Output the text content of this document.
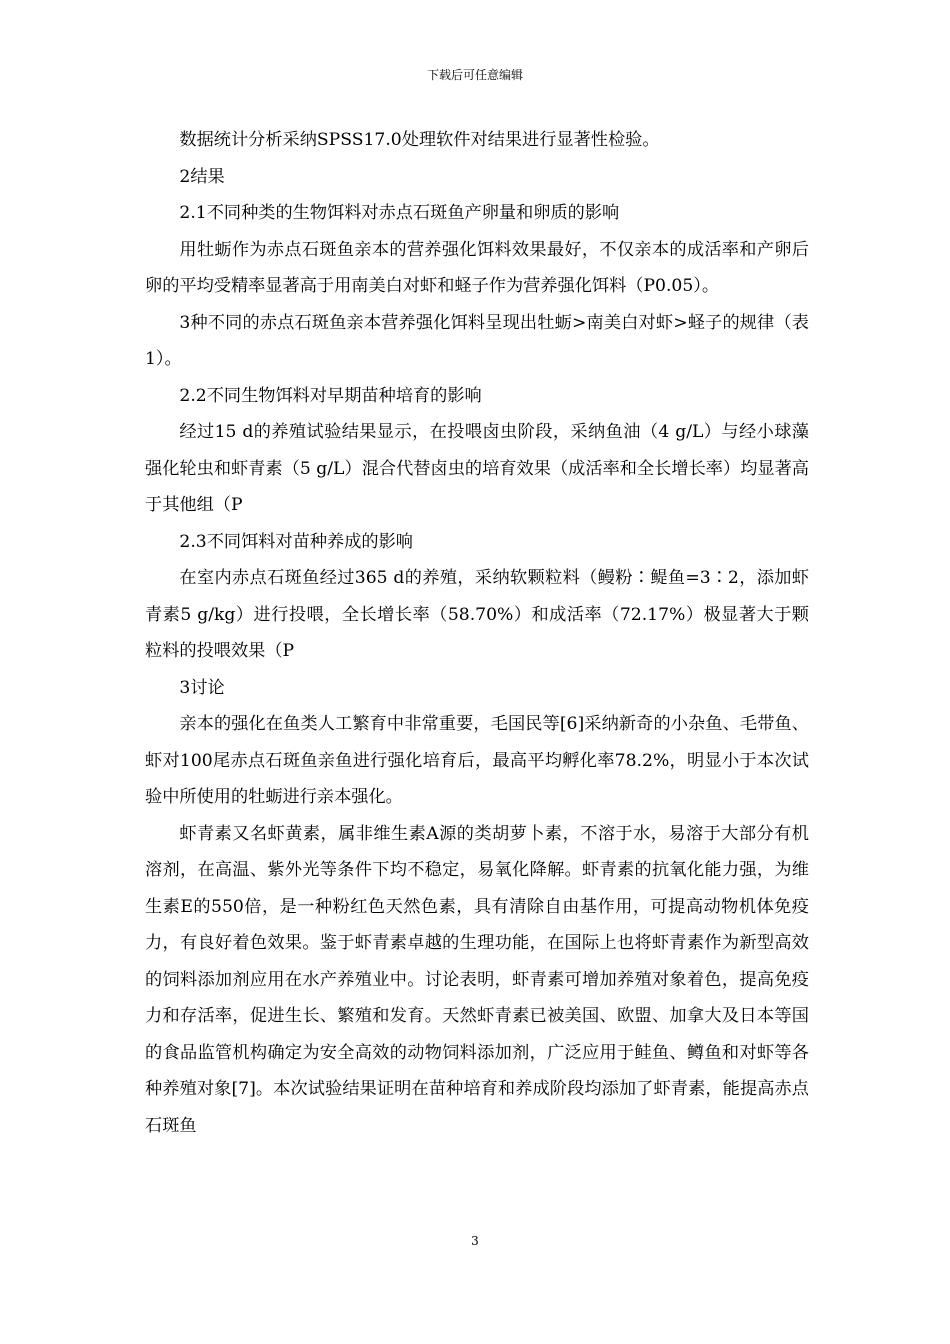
下载后可任意编辑

数据统计分析采纳SPSS17.0处理软件对结果进行显著性检验。

2结果

2.1不同种类的生物饵料对赤点石斑鱼产卵量和卵质的影响

用牡蛎作为赤点石斑鱼亲本的营养强化饵料效果最好，不仅亲本的成活率和产卵后卵的平均受精率显著高于用南美白对虾和蛏子作为营养强化饵料（P0.05）。

3种不同的赤点石斑鱼亲本营养强化饵料呈现出牡蛎>南美白对虾>蛏子的规律（表1）。

2.2不同生物饵料对早期苗种培育的影响

经过15 d的养殖试验结果显示，在投喂卤虫阶段，采纳鱼油（4 g/L）与经小球藻强化轮虫和虾青素（5 g/L）混合代替卤虫的培育效果（成活率和全长增长率）均显著高于其他组（P

2.3不同饵料对苗种养成的影响

在室内赤点石斑鱼经过365 d的养殖，采纳软颗粒料（鳗粉∶鳀鱼=3∶2，添加虾青素5 g/kg）进行投喂，全长增长率（58.70%）和成活率（72.17%）极显著大于颗粒料的投喂效果（P

3讨论

亲本的强化在鱼类人工繁育中非常重要，毛国民等[6]采纳新奇的小杂鱼、毛带鱼、虾对100尾赤点石斑鱼亲鱼进行强化培育后，最高平均孵化率78.2%，明显小于本次试验中所使用的牡蛎进行亲本强化。

虾青素又名虾黄素，属非维生素A源的类胡萝卜素，不溶于水，易溶于大部分有机溶剂，在高温、紫外光等条件下均不稳定，易氧化降解。虾青素的抗氧化能力强，为维生素E的550倍，是一种粉红色天然色素，具有清除自由基作用，可提高动物机体免疫力，有良好着色效果。鉴于虾青素卓越的生理功能，在国际上也将虾青素作为新型高效的饲料添加剂应用在水产养殖业中。讨论表明，虾青素可增加养殖对象着色，提高免疫力和存活率，促进生长、繁殖和发育。天然虾青素已被美国、欧盟、加拿大及日本等国的食品监管机构确定为安全高效的动物饲料添加剂，广泛应用于鲑鱼、鳟鱼和对虾等各种养殖对象[7]。本次试验结果证明在苗种培育和养成阶段均添加了虾青素，能提高赤点石斑鱼

3
